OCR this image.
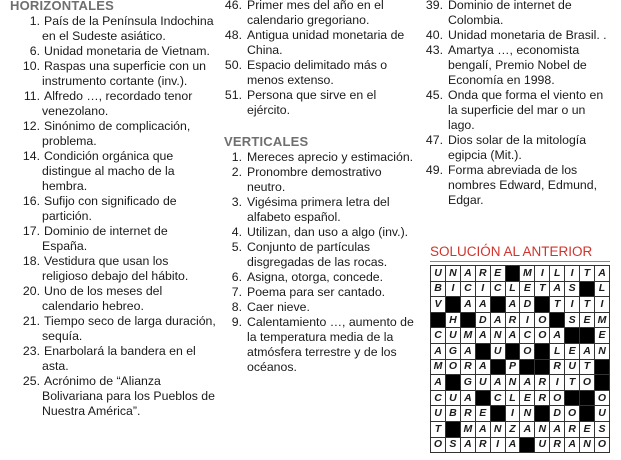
HORIZONTALES
1. País de la Península Indochina en el Sudeste asiático.
6. Unidad monetaria de Vietnam.
10. Raspas una superficie con un instrumento cortante (inv.).
11. Alfredo …, recordado tenor venezolano.
12. Sinónimo de complicación, problema.
14. Condición orgánica que distingue al macho de la hembra.
16. Sufijo con significado de partición.
17. Dominio de internet de España.
18. Vestidura que usan los religioso debajo del hábito.
20. Uno de los meses del calendario hebreo.
21. Tiempo seco de larga duración, sequía.
23. Enarbolará la bandera en el asta.
25. Acrónimo de “Alianza Bolivariana para los Pueblos de Nuestra América”.
46. Primer mes del año en el calendario gregoriano.
48. Antigua unidad monetaria de China.
50. Espacio delimitado más o menos extenso.
51. Persona que sirve en el ejército.
VERTICALES
1. Mereces aprecio y estimación.
2. Pronombre demostrativo neutro.
3. Vigésima primera letra del alfabeto español.
4. Utilizan, dan uso a algo (inv.).
5. Conjunto de partículas disgregadas de las rocas.
6. Asigna, otorga, concede.
7. Poema para ser cantado.
8. Caer nieve.
9. Calentamiento …, aumento de la temperatura media de la atmósfera terrestre y de los océanos.
39. Dominio de internet de Colombia.
40. Unidad monetaria de Brasil. .
43. Amartya …, economista bengalí, Premio Nobel de Economía en 1998.
45. Onda que forma el viento en la superficie del mar o un lago.
47. Dios solar de la mitología egipcia (Mit.).
49. Forma abreviada de los nombres Edward, Edmund, Edgar.
SOLUCIÓN AL ANTERIOR
U	N	A	R	E		M	I	L	I	T	A
B	I	C	I	C	L	E	T	A	S		L
V		A	A		A	D		T	I	T	I
	H		D	A	R	I	O		S	E	M
C	U	M	A	N	A	C	O	A			E
A	G	A		U		O		L	E	A	N
M	O	R	A		P			R	U	T	
A		G	U	A	N	A	R	I	T	O	
C	U	A		C	L	E	R	O			O
U	B	R	E		I	N		D	O		U
T		M	A	N	Z	A	N	A	R	E	S
O	S	A	R	I	A		U	R	A	N	O
